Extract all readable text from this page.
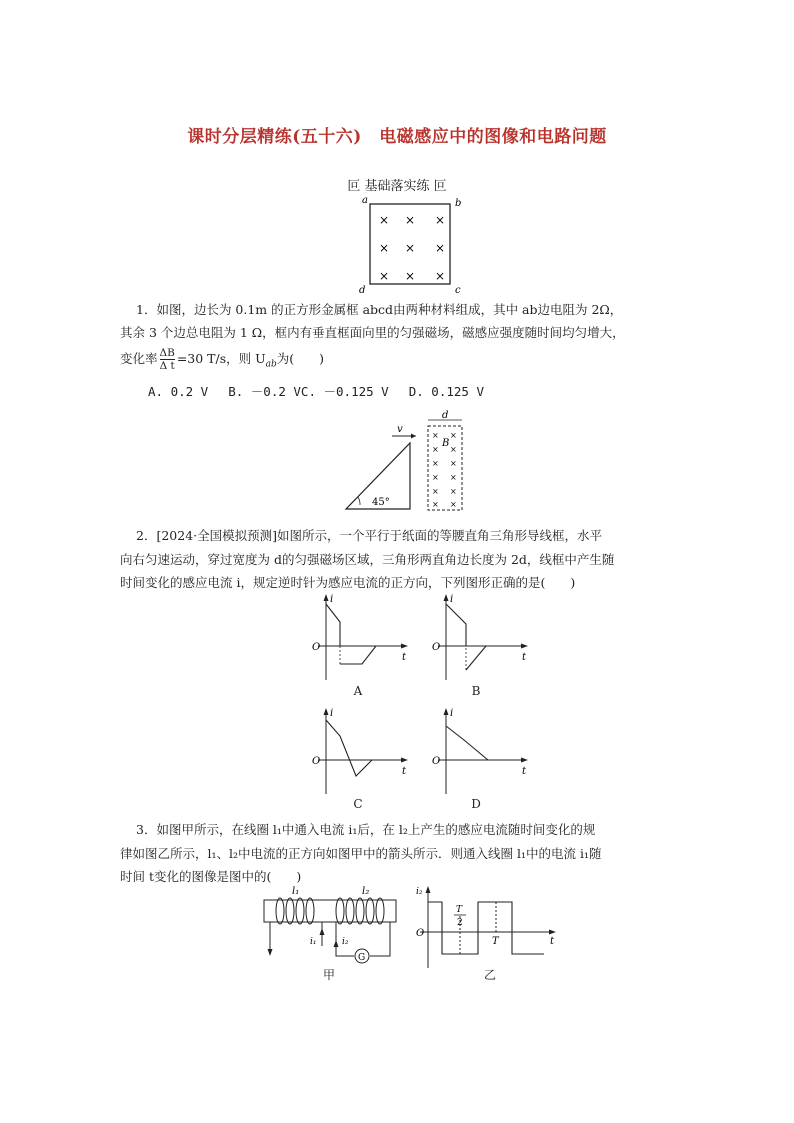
课时分层精练(五十六)　电磁感应中的图像和电路问题
叵 基础落实练 叵
a	b
c
d
× × ×
× × ×
× × ×
1．如图，边长为 0.1m 的正方形金属框 abcd由两种材料组成，其中 ab边电阻为 2Ω，
其余 3 个边总电阻为 1 Ω，框内有垂直框面向里的匀强磁场，磁感应强度随时间均匀增大，
变化率 $\frac{\Delta B}{\text{Δ t}} =30$ T/s，则 $U_{ab}$为(　　)
A. 0.2 V　 B. －0.2 VC. －0.125 V　 D. 0.125 V
45°
v
d
× ×
× ×
× ×
× ×
× ×
× ×
B
2．[2024·全国模拟预测]如图所示，一个平行于纸面的等腰直角三角形导线框，水平
向右匀速运动，穿过宽度为 d的匀强磁场区域，三角形两直角边长度为 2d，线框中产生随
时间变化的感应电流 i，规定逆时针为感应电流的正方向，下列图形正确的是(　　)
i
t
O
A
i
t
O
B
i
t
O
C
i
t
O
D
3．如图甲所示，在线圈 l₁中通入电流 i₁后，在 l₂上产生的感应电流随时间变化的规
律如图乙所示，l₁、l₂中电流的正方向如图甲中的箭头所示．则通入线圈 l₁中的电流 i₁随
时间 t变化的图像是图中的(　　)
l₁	l₂
i₁	i₂
G
甲
i₂
O
t
T
2
T
乙
